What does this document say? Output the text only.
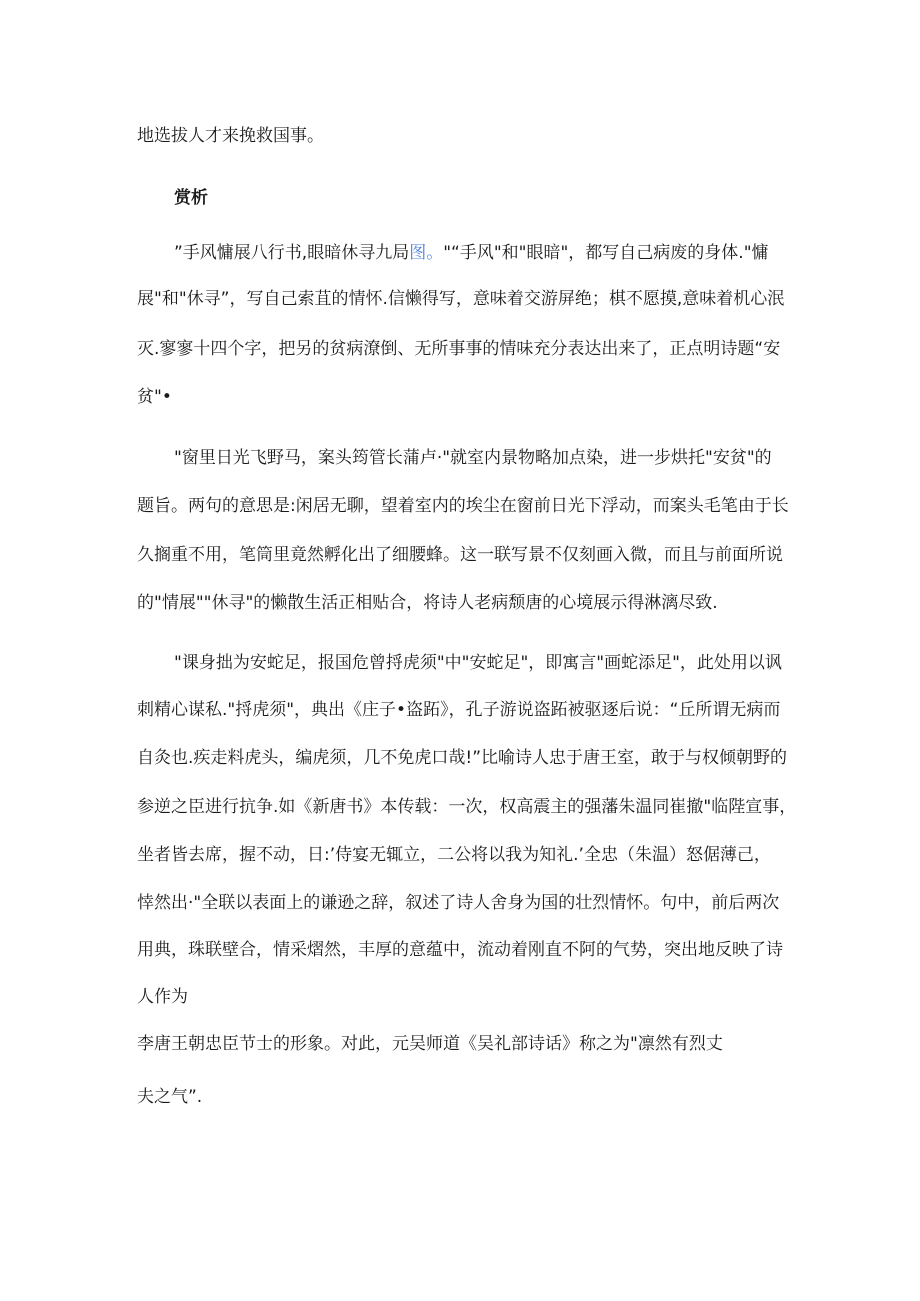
地选拔人才来挽救国事。
赏析
”手风慵展八行书,眼暗休寻九局图。"“手风"和"眼暗"，都写自己病废的身体."慵
展"和"休寻”，写自己索苴的情怀.信懒得写，意味着交游屏绝；棋不愿摸,意味着机心泯
灭.寥寥十四个字，把另的贫病潦倒、无所事事的情味充分表达出来了，正点明诗题“安
贫"•
"窗里日光飞野马，案头筠管长蒲卢·"就室内景物略加点染，进一步烘托"安贫"的
题旨。两句的意思是:闲居无聊，望着室内的埃尘在窗前日光下浮动，而案头毛笔由于长
久搁重不用，笔筒里竟然孵化出了细腰蜂。这一联写景不仅刻画入微，而且与前面所说
的"情展""休寻"的懒散生活正相贴合，将诗人老病颓唐的心境展示得淋漓尽致.
"课身拙为安蛇足，报国危曾捋虎须"中"安蛇足"，即寓言"画蛇添足"，此处用以讽
刺精心谋私."捋虎须"，典出《庄子•盗跖》，孔子游说盗跖被驱逐后说：“丘所谓无病而
自灸也.疾走料虎头，编虎须，几不免虎口哉!”比喻诗人忠于唐王室，敢于与权倾朝野的
参逆之臣进行抗争.如《新唐书》本传载：一次，权高震主的强藩朱温同崔撤"临陛宣事，
坐者皆去席，握不动，日:’侍宴无辄立，二公将以我为知礼.’全忠（朱温）怒倨薄己，
悻然出·"全联以表面上的谦逊之辞，叙述了诗人舍身为国的壮烈情怀。句中，前后两次
用典，珠联壁合，情采熠然，丰厚的意蕴中，流动着刚直不阿的气势，突出地反映了诗
人作为
李唐王朝忠臣节士的形象。对此，元吴师道《吴礼部诗话》称之为"凛然有烈丈
夫之气”.
